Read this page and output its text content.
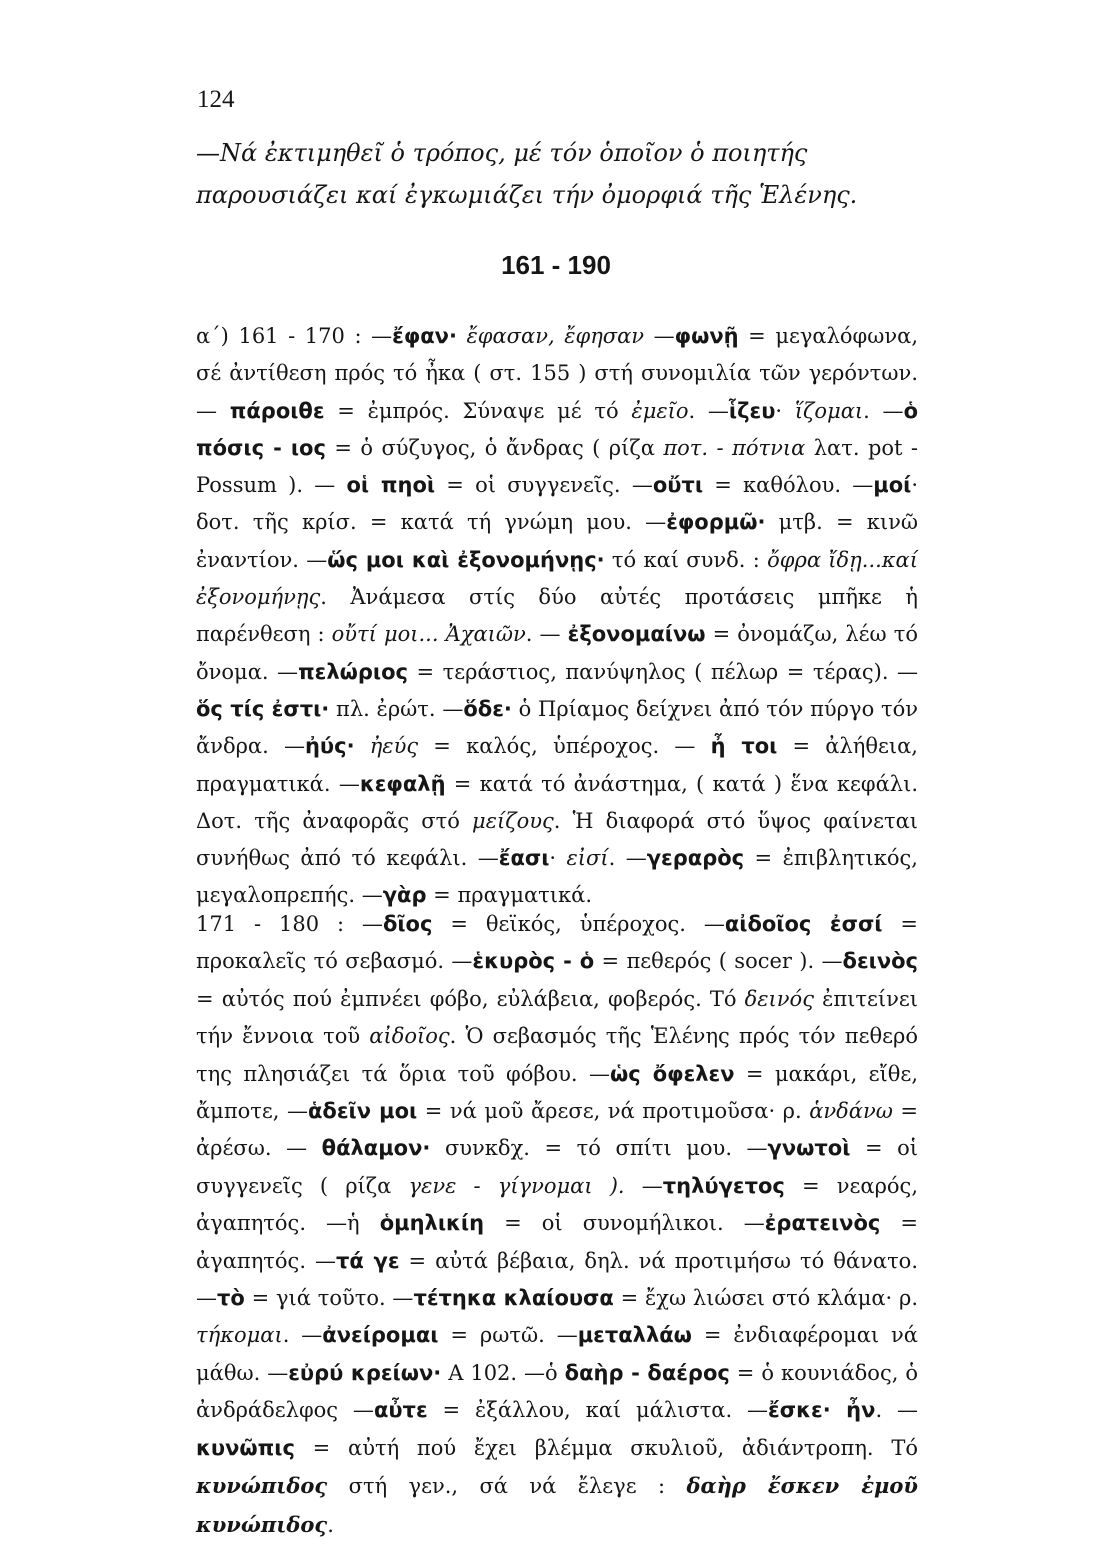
124

—Νά ἐκτιμηθεῖ ὁ τρόπος, μέ τόν ὁποῖον ὁ ποιητής παρουσιάζει καί ἐγκωμιάζει τήν ὀμορφιά τῆς Ἑλένης.

161 - 190

α΄) 161 - 170 : —ἔφαν· ἔφασαν, ἔφησαν —φωνῇ = μεγαλόφωνα, σέ ἀντίθεση πρός τό ἦκα ( στ. 155 ) στή συνομιλία τῶν γερόντων. — πάροιθε = ἐμπρός. Σύναψε μέ τό ἐμεῖο. —ἷζευ· ἵζομαι. —ὁ πόσις - ιος = ὁ σύζυγος, ὁ ἄνδρας ( ρίζα ποτ. - πότνια λατ. pot - Possum ). — οἱ πηοὶ = οἱ συγγενεῖς. —οὔτι = καθόλου. —μοί· δοτ. τῆς κρίσ. = κατά τή γνώμη μου. —ἐφορμῶ· μτβ. = κινῶ ἐναντίον. —ὥς μοι καὶ ἐξονομήνῃς· τό καί συνδ. : ὄφρα ἴδῃ...καί ἐξονομήνῃς. Ἀνάμεσα στίς δύο αὐτές προτάσεις μπῆκε ἡ παρένθεση : οὔτί μοι... Ἀχαιῶν. — ἐξονομαίνω = ὀνομάζω, λέω τό ὄνομα. —πελώριος = τεράστιος, πανύψηλος ( πέλωρ = τέρας). —ὅς τίς ἐστι· πλ. ἐρώτ. —ὅδε· ὁ Πρίαμος δείχνει ἀπό τόν πύργο τόν ἄνδρα. —ἠύς· ἠεύς = καλός, ὑπέροχος. — ἦ τοι = ἀλήθεια, πραγματικά. —κεφαλῇ = κατά τό ἀνάστημα, ( κατά ) ἕνα κεφάλι. Δοτ. τῆς ἀναφορᾶς στό μείζους. Ἡ διαφορά στό ὕψος φαίνεται συνήθως ἀπό τό κεφάλι. —ἔασι· εἰσί. —γεραρὸς = ἐπιβλητικός, μεγαλοπρεπής. —γὰρ = πραγματικά.

171 - 180 : —δῖος = θεϊκός, ὑπέροχος. —αἰδοῖος ἐσσί = προκαλεῖς τό σεβασμό. —ἑκυρὸς - ὁ = πεθερός ( socer ). —δεινὸς = αὐτός πού ἐμπνέει φόβο, εὐλάβεια, φοβερός. Τό δεινός ἐπιτείνει τήν ἔννοια τοῦ αἰδοῖος. Ὁ σεβασμός τῆς Ἑλένης πρός τόν πεθερό της πλησιάζει τά ὅρια τοῦ φόβου. —ὡς ὄφελεν = μακάρι, εἴθε, ἄμποτε, —ἁδεῖν μοι = νά μοῦ ἄρεσε, νά προτιμοῦσα· ρ. ἁνδάνω = ἀρέσω. — θάλαμον· συνκδχ. = τό σπίτι μου. —γνωτοὶ = οἱ συγγενεῖς ( ρίζα γενε - γίγνομαι ). —τηλύγετος = νεαρός, ἀγαπητός. —ἡ ὁμηλικίη = οἱ συνομήλικοι. —ἐρατεινὸς = ἀγαπητός. —τά γε = αὐτά βέβαια, δηλ. νά προτιμήσω τό θάνατο. —τὸ = γιά τοῦτο. —τέτηκα κλαίουσα = ἔχω λιώσει στό κλάμα· ρ. τήκομαι. —ἀνείρομαι = ρωτῶ. —μεταλλάω = ἐνδιαφέρομαι νά μάθω. —εὐρύ κρείων· Α 102. —ὁ δαὴρ - δαέρος = ὁ κουνιάδος, ὁ ἀνδράδελφος —αὖτε = ἐξάλλου, καί μάλιστα. —ἔσκε· ἦν. — κυνῶπις = αὐτή πού ἔχει βλέμμα σκυλιοῦ, ἀδιάντροπη. Τό κυνώπιδος στή γεν., σά νά ἔλεγε : δαὴρ ἔσκεν ἐμοῦ κυνώπιδος.
